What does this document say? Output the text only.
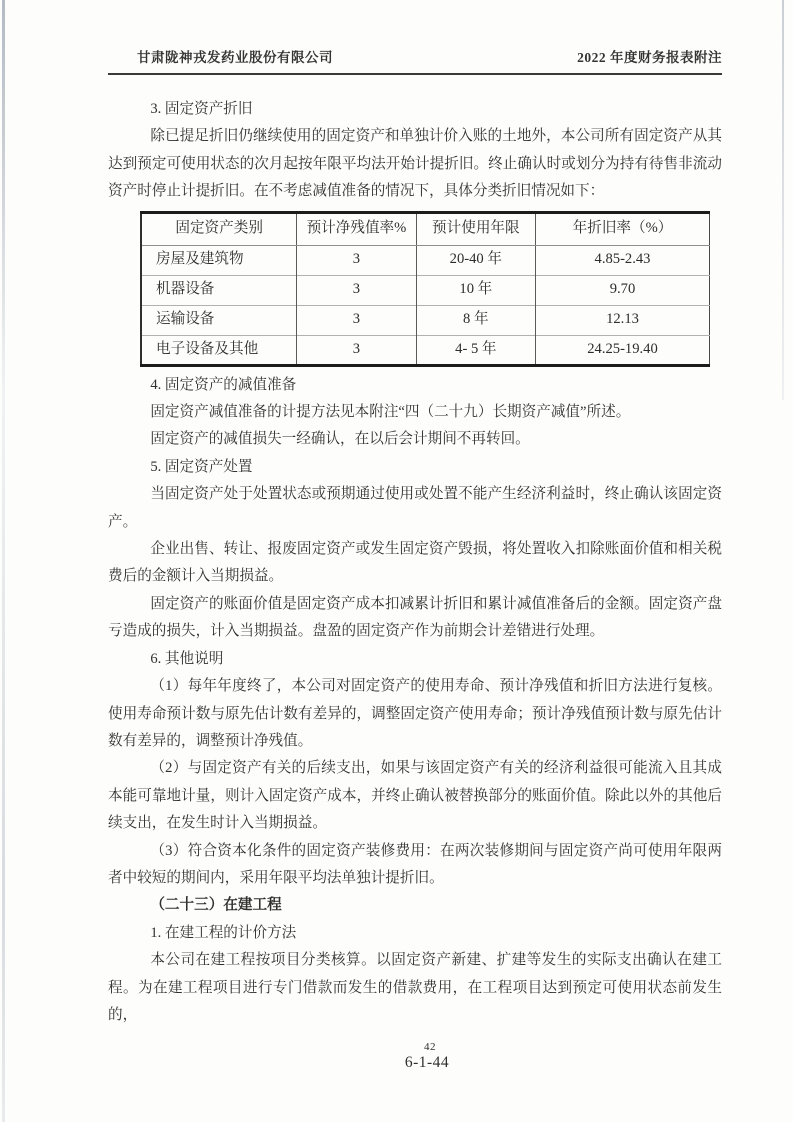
甘肃陇神戎发药业股份有限公司	2022 年度财务报表附注

3. 固定资产折旧

除已提足折旧仍继续使用的固定资产和单独计价入账的土地外，本公司所有固定资产从其达到预定可使用状态的次月起按年限平均法开始计提折旧。终止确认时或划分为持有待售非流动资产时停止计提折旧。在不考虑减值准备的情况下，具体分类折旧情况如下：

固定资产类别	预计净残值率%	预计使用年限	年折旧率（%）
房屋及建筑物	3	20-40 年	4.85-2.43
机器设备	3	10 年	9.70
运输设备	3	8 年	12.13
电子设备及其他	3	4- 5 年	24.25-19.40

4. 固定资产的减值准备

固定资产减值准备的计提方法见本附注“四（二十九）长期资产减值”所述。

固定资产的减值损失一经确认，在以后会计期间不再转回。

5. 固定资产处置

当固定资产处于处置状态或预期通过使用或处置不能产生经济利益时，终止确认该固定资产。

企业出售、转让、报废固定资产或发生固定资产毁损，将处置收入扣除账面价值和相关税费后的金额计入当期损益。

固定资产的账面价值是固定资产成本扣减累计折旧和累计减值准备后的金额。固定资产盘亏造成的损失，计入当期损益。盘盈的固定资产作为前期会计差错进行处理。

6. 其他说明

（1）每年年度终了，本公司对固定资产的使用寿命、预计净残值和折旧方法进行复核。使用寿命预计数与原先估计数有差异的，调整固定资产使用寿命；预计净残值预计数与原先估计数有差异的，调整预计净残值。

（2）与固定资产有关的后续支出，如果与该固定资产有关的经济利益很可能流入且其成本能可靠地计量，则计入固定资产成本，并终止确认被替换部分的账面价值。除此以外的其他后续支出，在发生时计入当期损益。

（3）符合资本化条件的固定资产装修费用：在两次装修期间与固定资产尚可使用年限两者中较短的期间内，采用年限平均法单独计提折旧。

（二十三）在建工程

1. 在建工程的计价方法

本公司在建工程按项目分类核算。以固定资产新建、扩建等发生的实际支出确认在建工程。为在建工程项目进行专门借款而发生的借款费用，在工程项目达到预定可使用状态前发生的，

42
6-1-44
